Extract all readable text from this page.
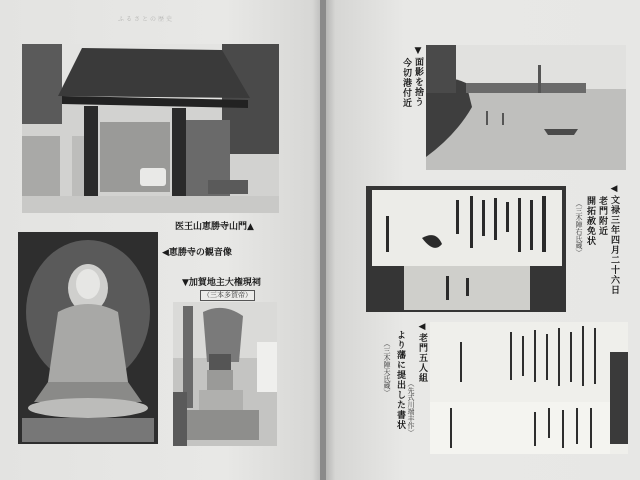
ふるさとの歴史
医王山恵勝寺山門▲
◀恵勝寺の観音像
▼加賀地主大権現祠
（三本多賀帝）
▼面影を捨う
今切港付近
◀文禄三年四月二十六日
老門附近
開拓赦免状
（三木陣右氏蔵）
◀老門五人組
（先式川端丰作）
より藩に提出した書状
（三木陣天氏蔵）
